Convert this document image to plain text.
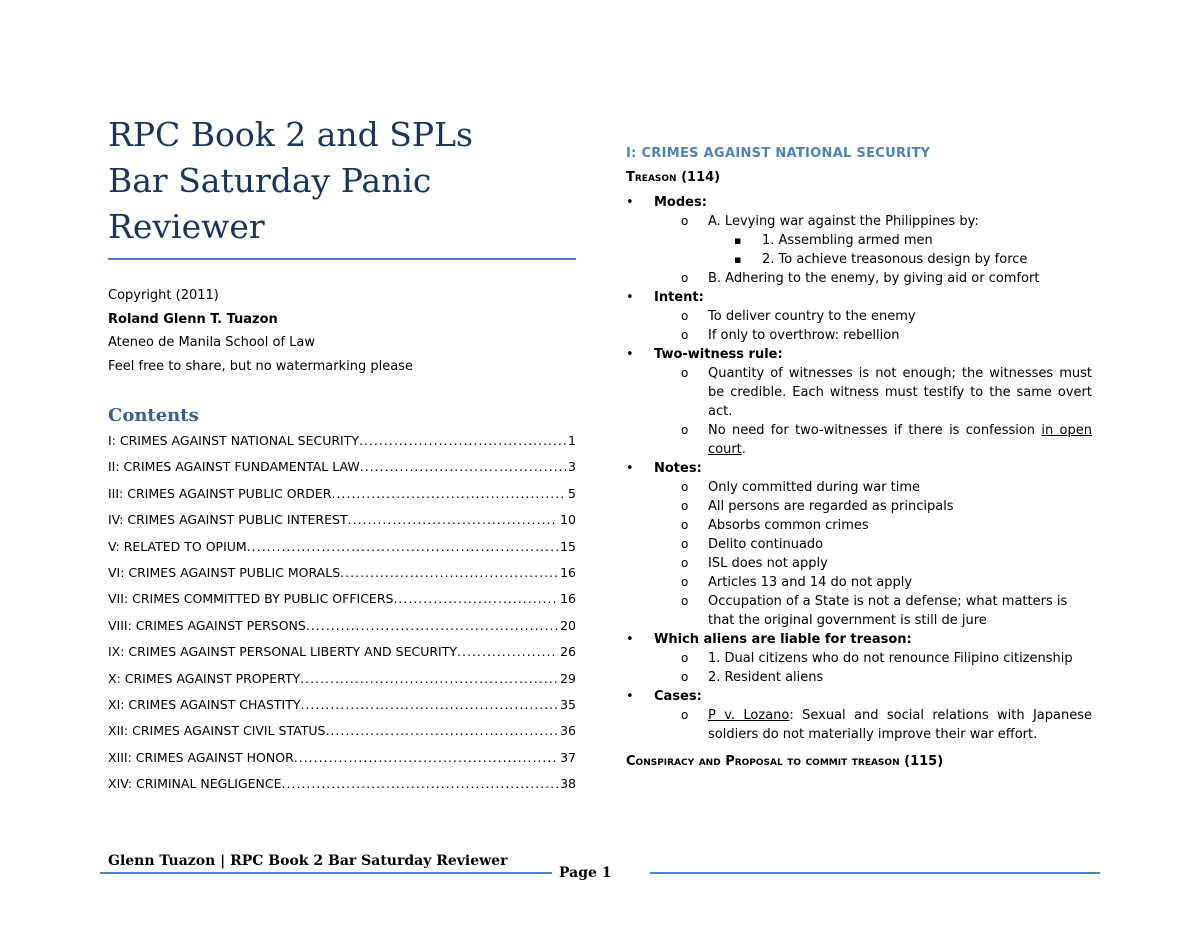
RPC Book 2 and SPLs
Bar Saturday Panic
Reviewer
Copyright (2011)
Roland Glenn T. Tuazon
Ateneo de Manila School of Law
Feel free to share, but no watermarking please
Contents
I: CRIMES AGAINST NATIONAL SECURITY .....	1
II: CRIMES AGAINST FUNDAMENTAL LAW .....	3
III: CRIMES AGAINST PUBLIC ORDER .....	5
IV: CRIMES AGAINST PUBLIC INTEREST .....	10
V: RELATED TO OPIUM .....	15
VI: CRIMES AGAINST PUBLIC MORALS .....	16
VII: CRIMES COMMITTED BY PUBLIC OFFICERS .....	16
VIII: CRIMES AGAINST PERSONS .....	20
IX: CRIMES AGAINST PERSONAL LIBERTY AND SECURITY .....	26
X: CRIMES AGAINST PROPERTY .....	29
XI: CRIMES AGAINST CHASTITY .....	35
XII: CRIMES AGAINST CIVIL STATUS .....	36
XIII: CRIMES AGAINST HONOR .....	37
XIV: CRIMINAL NEGLIGENCE .....	38
I: CRIMES AGAINST NATIONAL SECURITY
Treason (114)
• Modes:
o A. Levying war against the Philippines by:
▪ 1. Assembling armed men
▪ 2. To achieve treasonous design by force
o B. Adhering to the enemy, by giving aid or comfort
• Intent:
o To deliver country to the enemy
o If only to overthrow: rebellion
• Two-witness rule:
o Quantity of witnesses is not enough; the witnesses must be credible. Each witness must testify to the same overt act.
o No need for two-witnesses if there is confession in open court.
• Notes:
o Only committed during war time
o All persons are regarded as principals
o Absorbs common crimes
o Delito continuado
o ISL does not apply
o Articles 13 and 14 do not apply
o Occupation of a State is not a defense; what matters is that the original government is still de jure
• Which aliens are liable for treason:
o 1. Dual citizens who do not renounce Filipino citizenship
o 2. Resident aliens
• Cases:
o P v. Lozano: Sexual and social relations with Japanese soldiers do not materially improve their war effort.
Conspiracy and Proposal to commit treason (115)
Glenn Tuazon | RPC Book 2 Bar Saturday Reviewer
Page 1
